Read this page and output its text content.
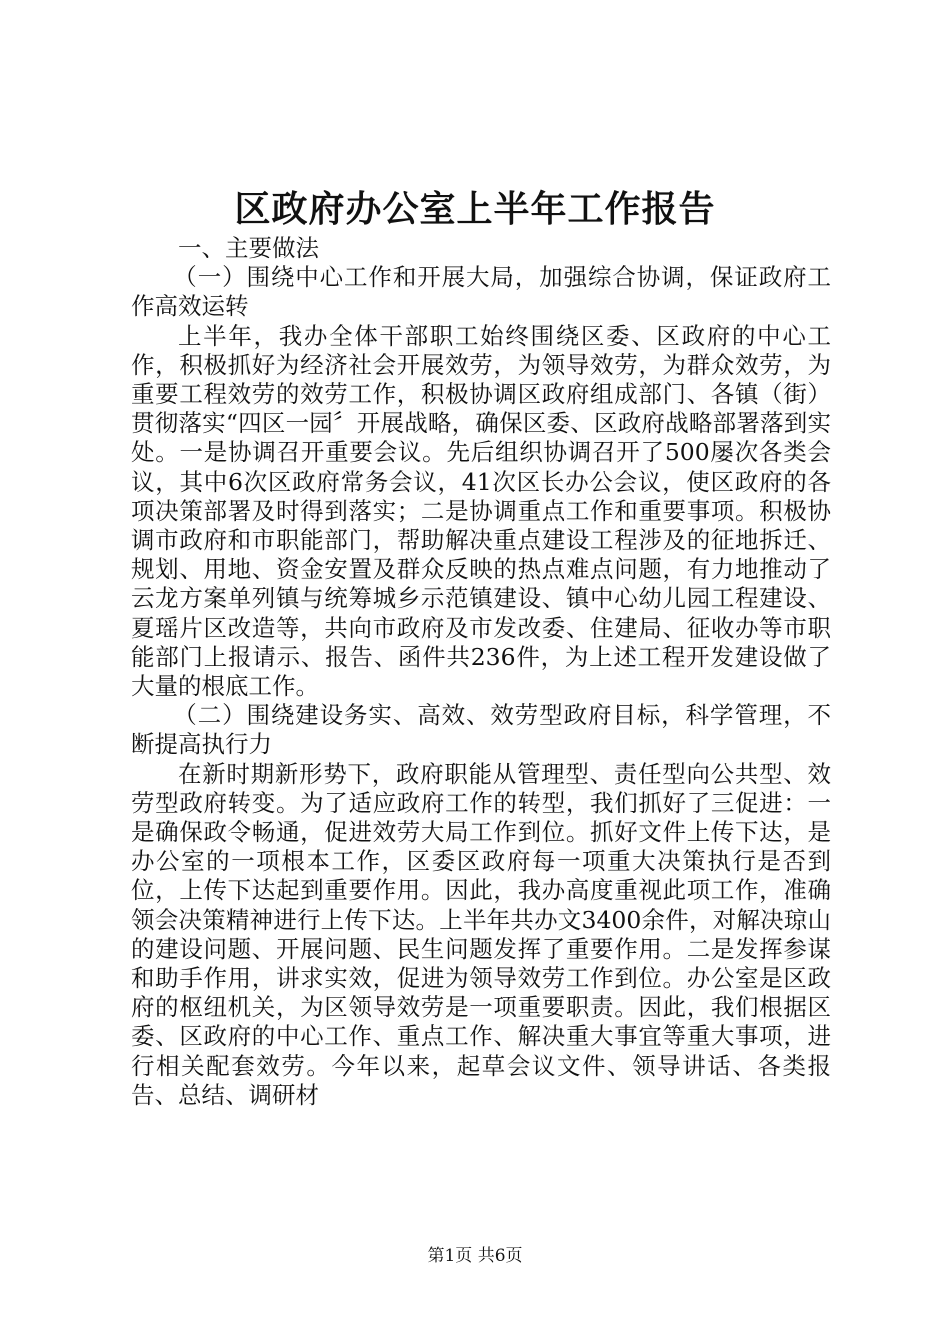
区政府办公室上半年工作报告

一、主要做法

（一）围绕中心工作和开展大局，加强综合协调，保证政府工作高效运转

上半年，我办全体干部职工始终围绕区委、区政府的中心工作，积极抓好为经济社会开展效劳，为领导效劳，为群众效劳，为重要工程效劳的效劳工作，积极协调区政府组成部门、各镇（街）贯彻落实“四区一园〞开展战略，确保区委、区政府战略部署落到实处。一是协调召开重要会议。先后组织协调召开了500屡次各类会议，其中6次区政府常务会议，41次区长办公会议，使区政府的各项决策部署及时得到落实；二是协调重点工作和重要事项。积极协调市政府和市职能部门，帮助解决重点建设工程涉及的征地拆迁、规划、用地、资金安置及群众反映的热点难点问题，有力地推动了云龙方案单列镇与统筹城乡示范镇建设、镇中心幼儿园工程建设、夏瑶片区改造等，共向市政府及市发改委、住建局、征收办等市职能部门上报请示、报告、函件共236件，为上述工程开发建设做了大量的根底工作。

（二）围绕建设务实、高效、效劳型政府目标，科学管理，不断提高执行力

在新时期新形势下，政府职能从管理型、责任型向公共型、效劳型政府转变。为了适应政府工作的转型，我们抓好了三促进：一是确保政令畅通，促进效劳大局工作到位。抓好文件上传下达，是办公室的一项根本工作，区委区政府每一项重大决策执行是否到位，上传下达起到重要作用。因此，我办高度重视此项工作，准确领会决策精神进行上传下达。上半年共办文3400余件，对解决琼山的建设问题、开展问题、民生问题发挥了重要作用。二是发挥参谋和助手作用，讲求实效，促进为领导效劳工作到位。办公室是区政府的枢纽机关，为区领导效劳是一项重要职责。因此，我们根据区委、区政府的中心工作、重点工作、解决重大事宜等重大事项，进行相关配套效劳。今年以来，起草会议文件、领导讲话、各类报告、总结、调研材

第1页 共6页
